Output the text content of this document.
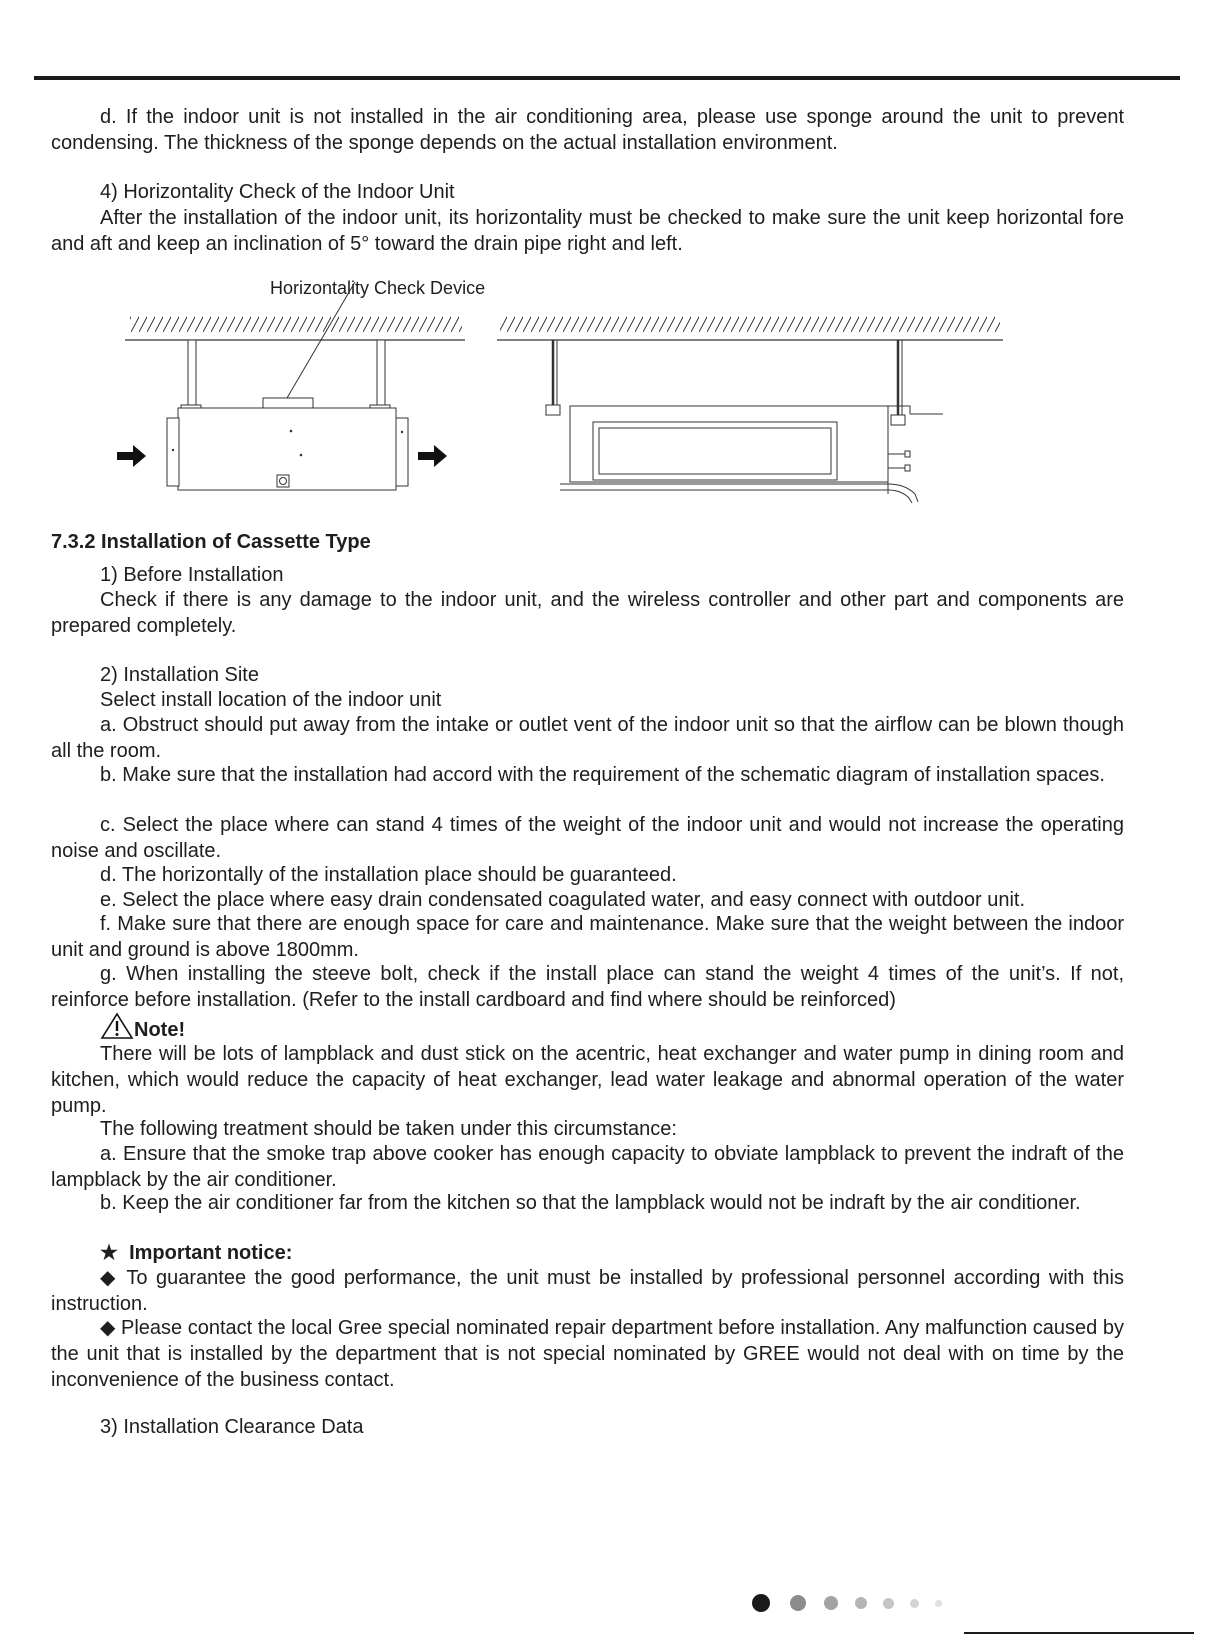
d. If the indoor unit is not installed in the air conditioning area, please use sponge around the unit to prevent condensing. The thickness of the sponge depends on the actual installation environment.

4) Horizontality Check of the Indoor Unit

After the installation of the indoor unit, its horizontality must be checked to make sure the unit keep horizontal fore and aft and keep an inclination of 5° toward the drain pipe right and left.

Horizontality Check Device

7.3.2 Installation of Cassette Type

1) Before Installation

Check if there is any damage to the indoor unit, and the wireless controller and other part and components are prepared completely.

2) Installation Site

Select install location of the indoor unit

a. Obstruct should put away from the intake or outlet vent of the indoor unit so that the airflow can be blown though all the room.

b. Make sure that the installation had accord with the requirement of the schematic diagram of installation spaces.

c. Select the place where can stand 4 times of the weight of the indoor unit and would not increase the operating noise and oscillate.

d. The horizontally of the installation place should be guaranteed.

e. Select the place where easy drain condensated coagulated water, and easy connect with outdoor unit.

f. Make sure that there are enough space for care and maintenance. Make sure that the weight between the indoor unit and ground is above 1800mm.

g. When installing the steeve bolt, check if the install place can stand the weight 4 times of the unit’s. If not, reinforce before installation. (Refer to the install cardboard and find where should be reinforced)

Note!

There will be lots of lampblack and dust stick on the acentric, heat exchanger and water pump in dining room and kitchen, which would reduce the capacity of heat exchanger, lead water leakage and abnormal operation of the water pump.

The following treatment should be taken under this circumstance:

a. Ensure that the smoke trap above cooker has enough capacity to obviate lampblack to prevent the indraft of the lampblack by the air conditioner.

b. Keep the air conditioner far from the kitchen so that the lampblack would not be indraft by the air conditioner.

★ Important notice:

◆ To guarantee the good performance, the unit must be installed by professional personnel according with this instruction.

◆ Please contact the local Gree special nominated repair department before installation. Any malfunction caused by the unit that is installed by the department that is not special nominated by GREE would not deal with on time by the inconvenience of the business contact.

3) Installation Clearance Data
